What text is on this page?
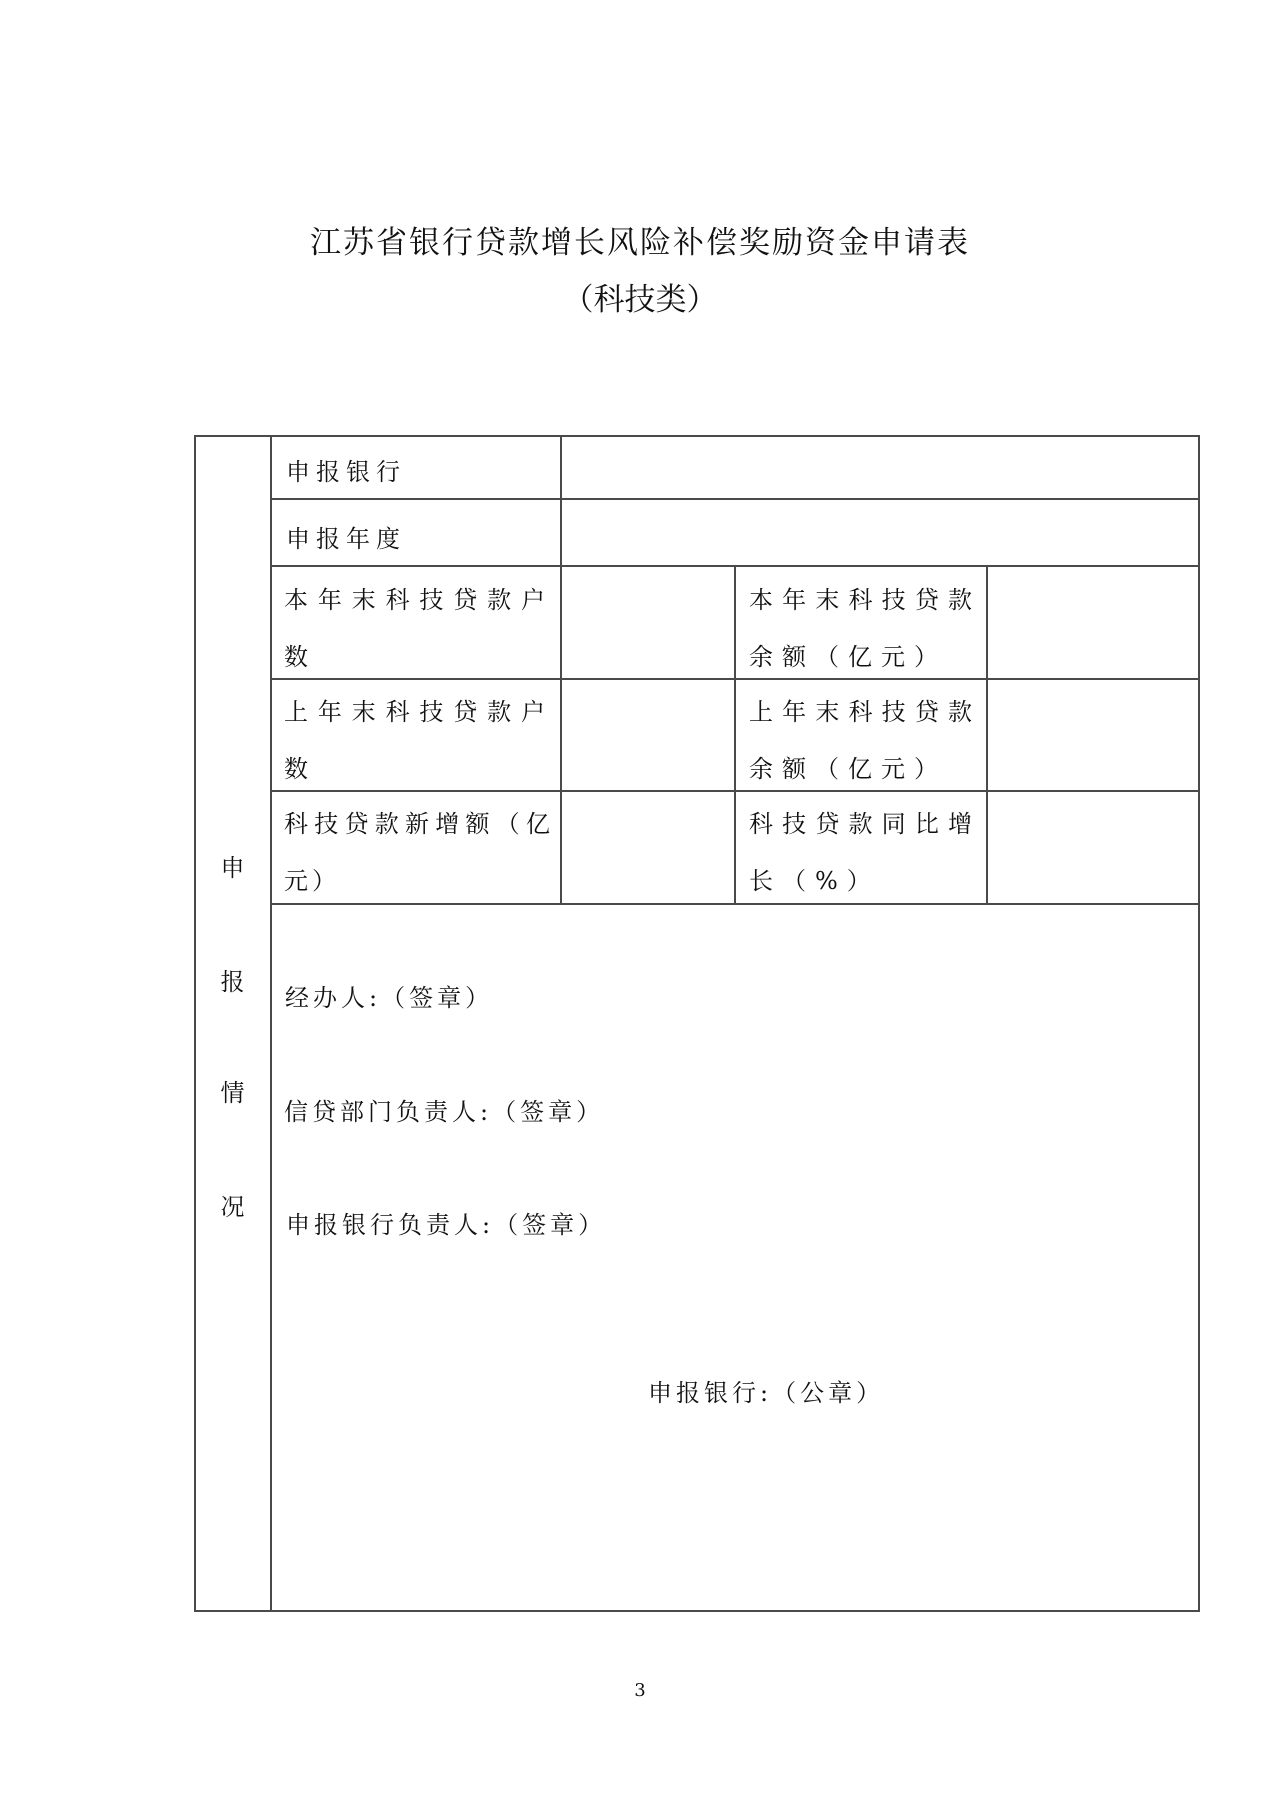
江苏省银行贷款增长风险补偿奖励资金申请表
（科技类）
申
报
情
况
申报银行
申报年度
本年末科技贷款户数
本年末科技贷款余额（亿元）
上年末科技贷款户数
上年末科技贷款余额（亿元）
科技贷款新增额（亿元）
科技贷款同比增长（%）
经办人:（签章）
信贷部门负责人:（签章）
申报银行负责人:（签章）
申报银行:（公章）
3
